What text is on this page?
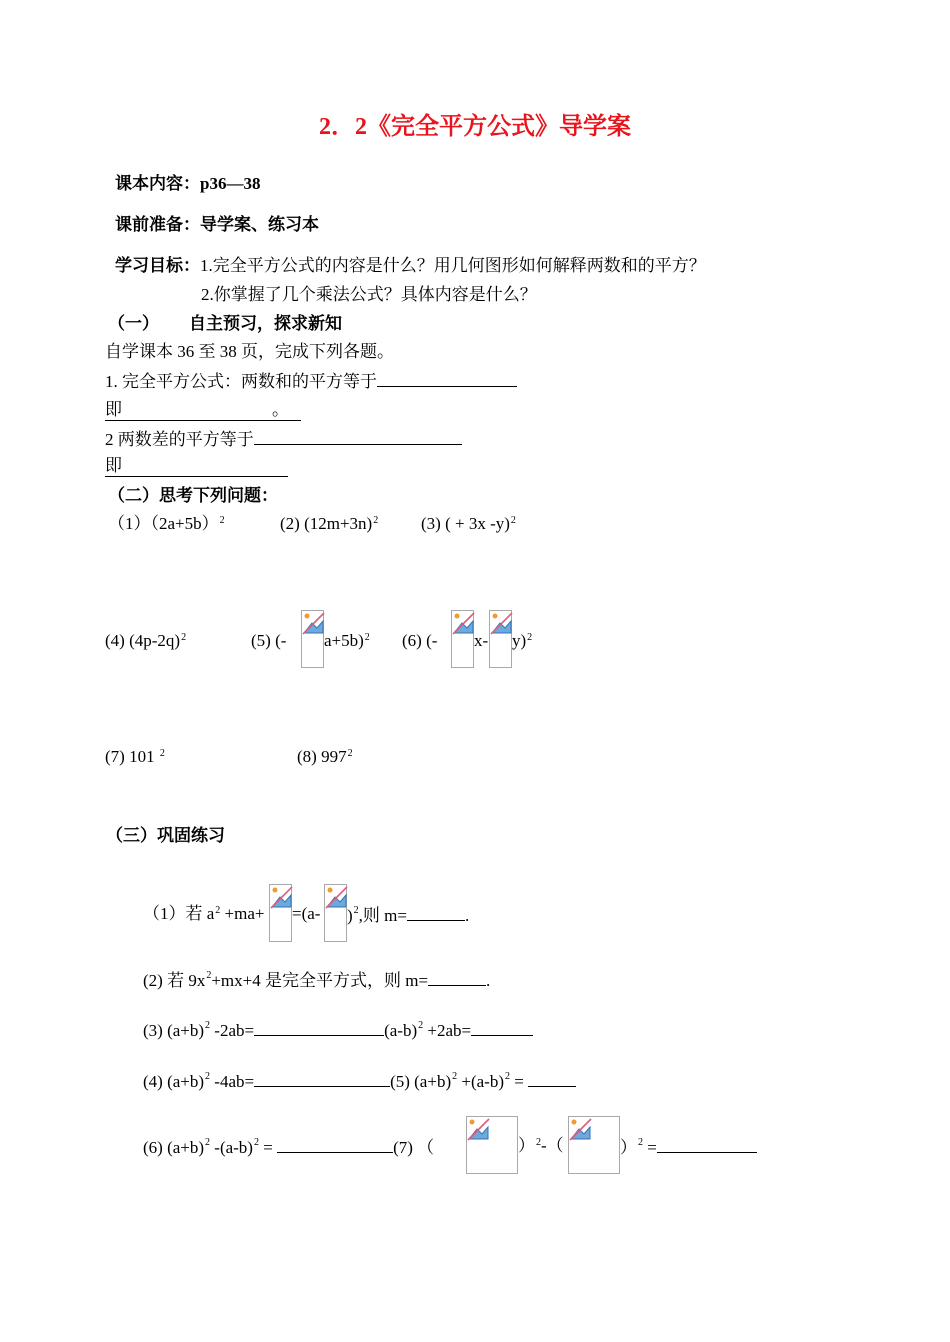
2．2《完全平方公式》导学案
课本内容：p36—38
课前准备：导学案、练习本
学习目标：1.完全平方公式的内容是什么？用几何图形如何解释两数和的平方？
2.你掌握了几个乘法公式？具体内容是什么？
（一） 自主预习，探求新知
自学课本 36 至 38 页，完成下列各题。
1. 完全平方公式：两数和的平方等于
即	。
2 两数差的平方等于
即
（二）思考下列问题：
$(1)(2a+5b)^2$	(2) $(12m+3n)^2$	(3) ( + 3x -y)$^2$
(4) $(4p-2q)^2$	(5) (- a+5b)$^2$ (6) (- x- y)$^2$
(7) 101 $^2$	(8) $997^2$
（三）巩固练习
（1）若 $a^2 +ma+ =(a-$ )$^2$,则 m=	.
(2) 若 $9x^2+mx+4$ 是完全平方式，则 m=	.
(3) $(a+b)^2$ -2ab=	$(a-b)^2 +2ab=$
(4) $(a+b)^2$ -4ab=	(5) $(a+b)^2 +(a-b)^2$ =
(6) $(a+b)^2$ $-(a-b)^2$ =	(7) （	）$^2$-（	）$^2$ =
